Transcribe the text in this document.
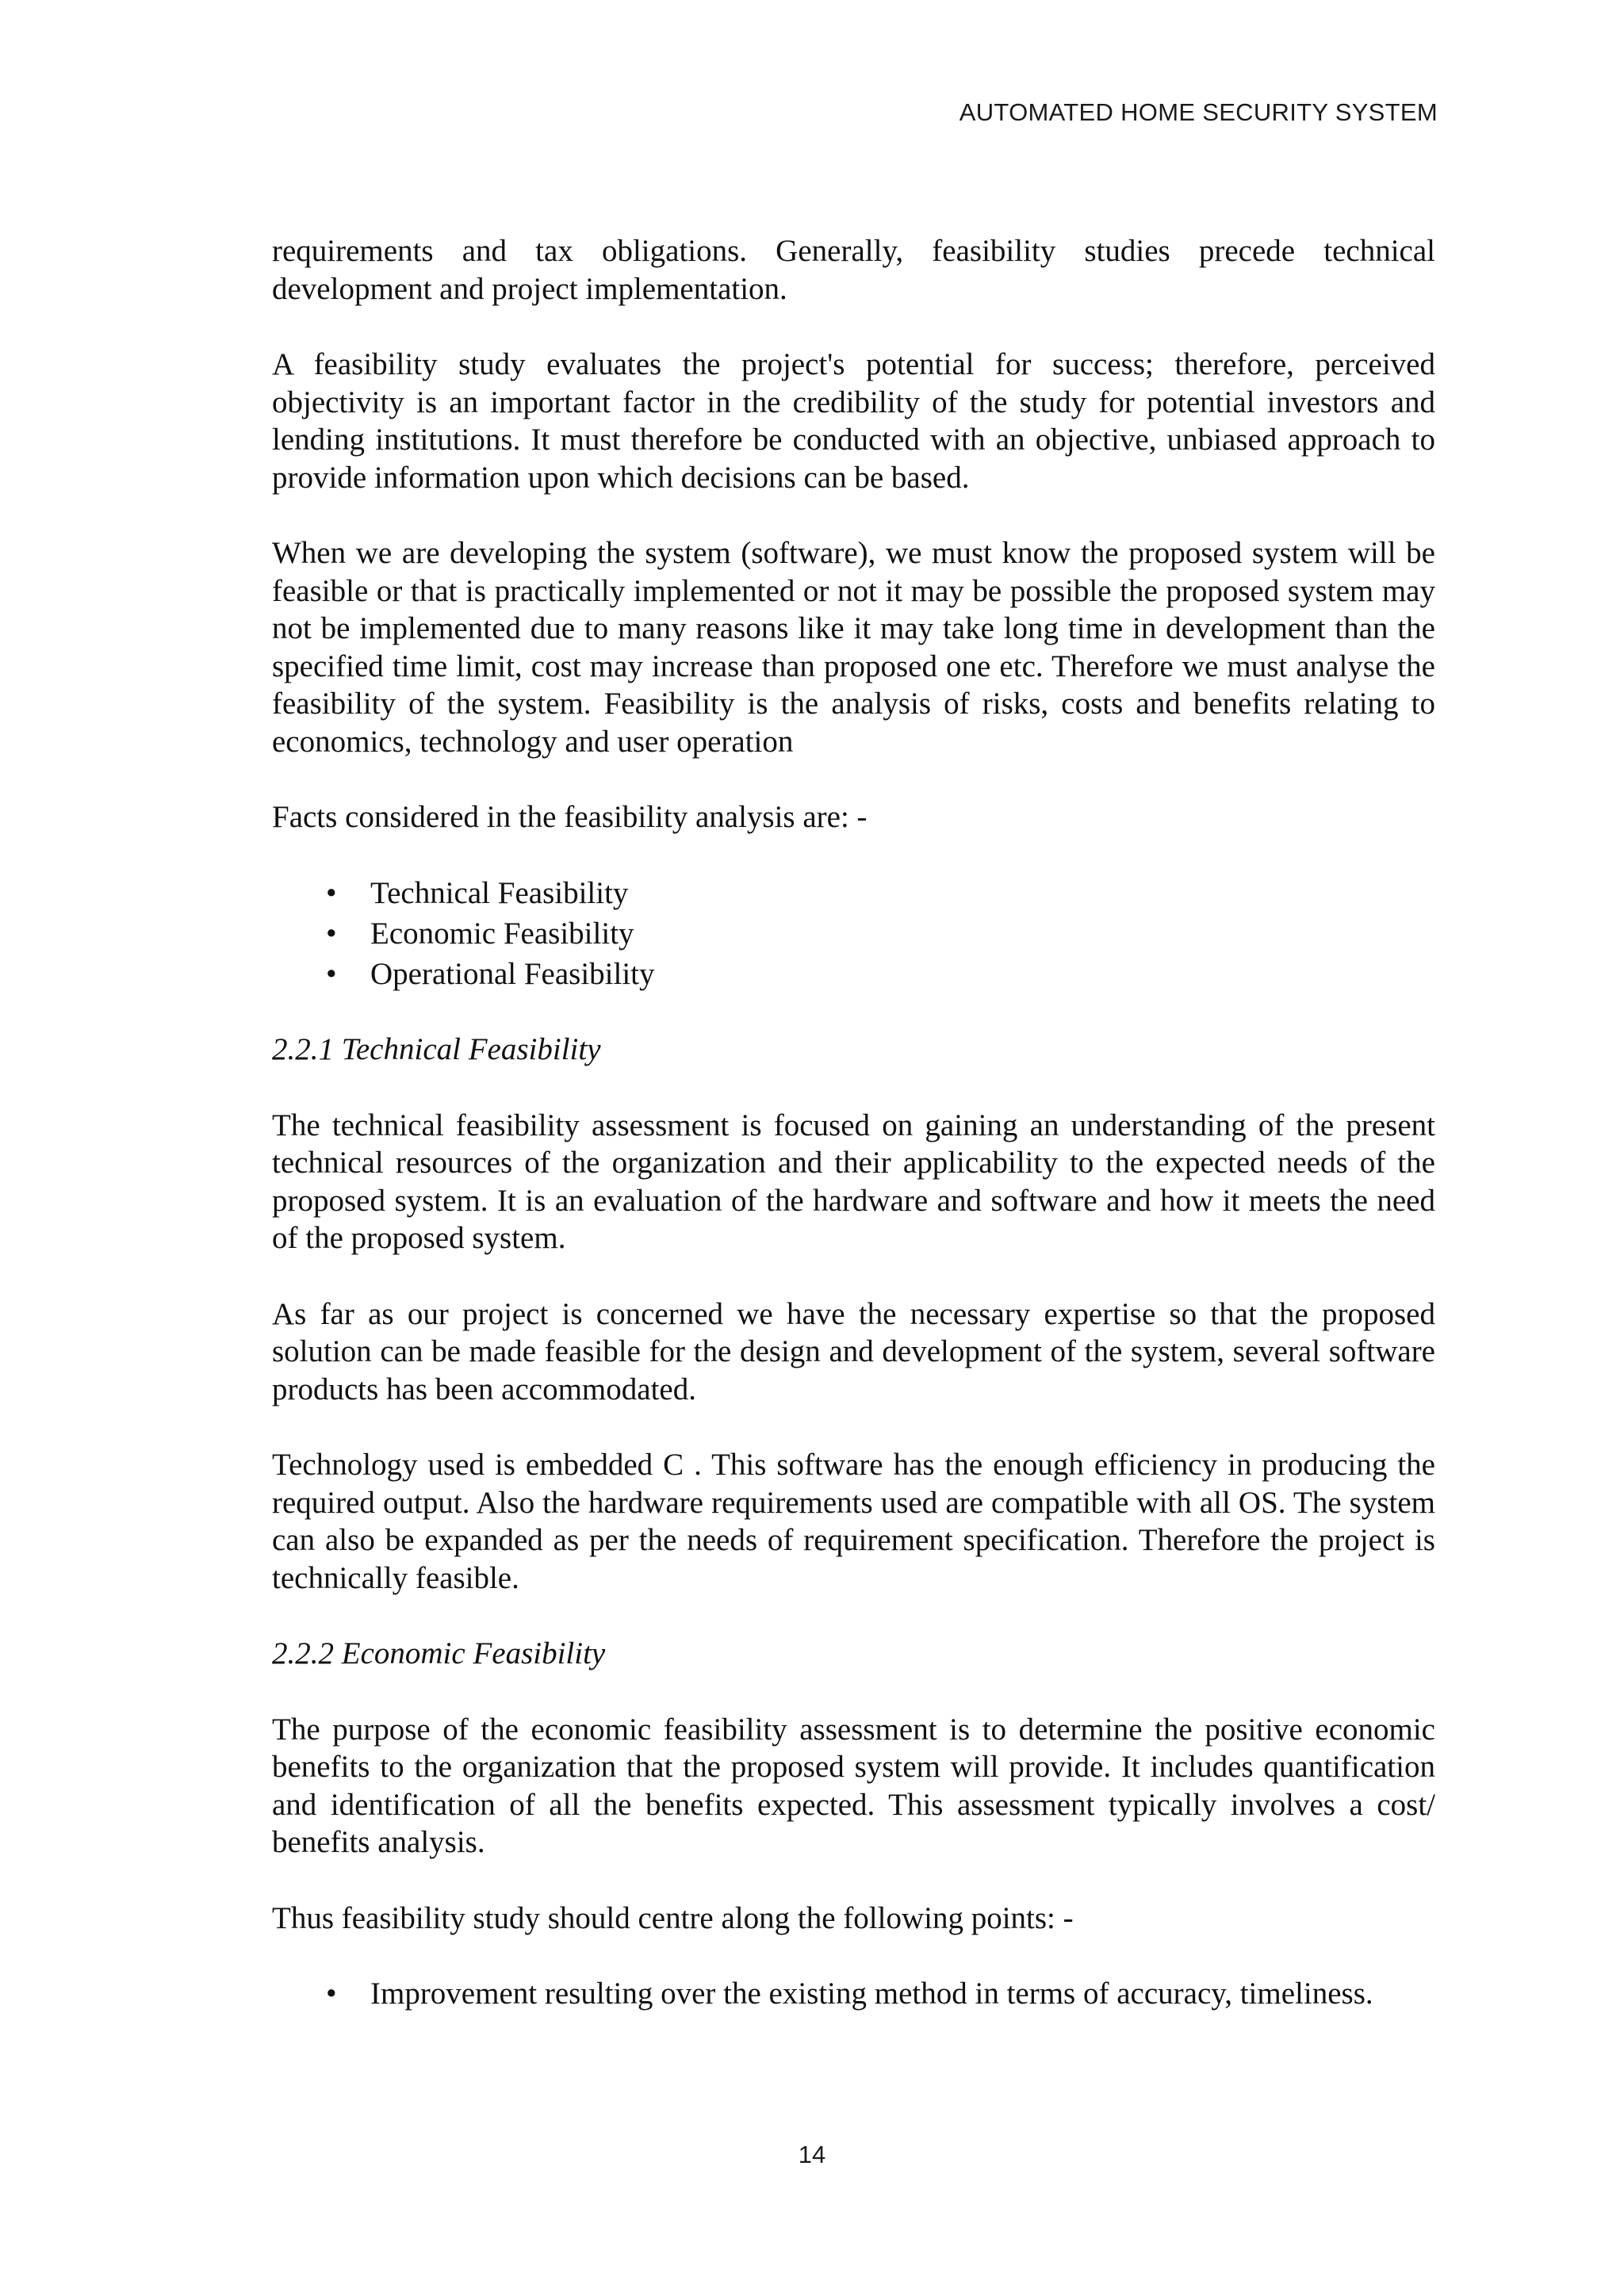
AUTOMATED HOME SECURITY SYSTEM

requirements and tax obligations. Generally, feasibility studies precede technical development and project implementation.

A feasibility study evaluates the project's potential for success; therefore, perceived objectivity is an important factor in the credibility of the study for potential investors and lending institutions. It must therefore be conducted with an objective, unbiased approach to provide information upon which decisions can be based.

When we are developing the system (software), we must know the proposed system will be feasible or that is practically implemented or not it may be possible the proposed system may not be implemented due to many reasons like it may take long time in development than the specified time limit, cost may increase than proposed one etc. Therefore we must analyse the feasibility of the system. Feasibility is the analysis of risks, costs and benefits relating to economics, technology and user operation

Facts considered in the feasibility analysis are: -

• Technical Feasibility
• Economic Feasibility
• Operational Feasibility

2.2.1 Technical Feasibility

The technical feasibility assessment is focused on gaining an understanding of the present technical resources of the organization and their applicability to the expected needs of the proposed system. It is an evaluation of the hardware and software and how it meets the need of the proposed system.

As far as our project is concerned we have the necessary expertise so that the proposed solution can be made feasible for the design and development of the system, several software products has been accommodated.

Technology used is embedded C . This software has the enough efficiency in producing the required output. Also the hardware requirements used are compatible with all OS. The system can also be expanded as per the needs of requirement specification. Therefore the project is technically feasible.

2.2.2 Economic Feasibility

The purpose of the economic feasibility assessment is to determine the positive economic benefits to the organization that the proposed system will provide. It includes quantification and identification of all the benefits expected. This assessment typically involves a cost/ benefits analysis.

Thus feasibility study should centre along the following points: -

• Improvement resulting over the existing method in terms of accuracy, timeliness.
14
